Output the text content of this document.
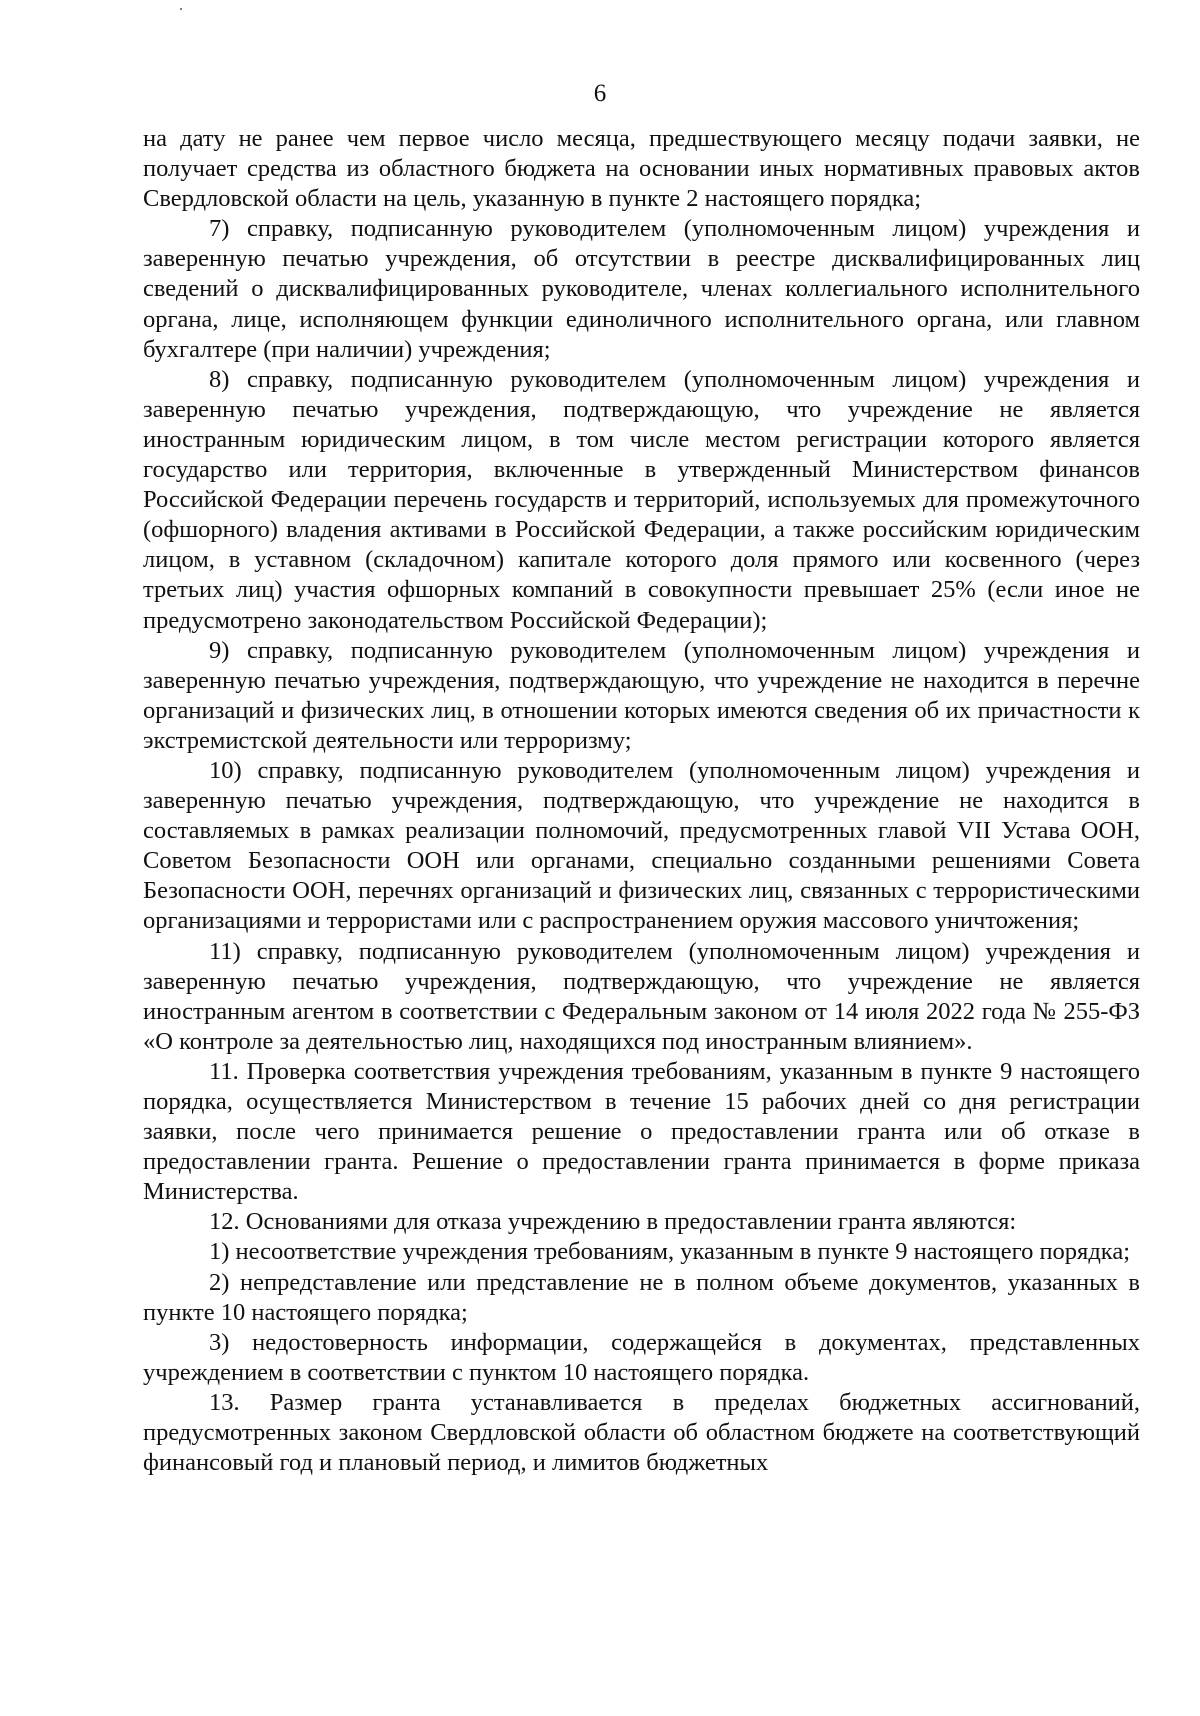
6

на дату не ранее чем первое число месяца, предшествующего месяцу подачи заявки, не получает средства из областного бюджета на основании иных нормативных правовых актов Свердловской области на цель, указанную в пункте 2 настоящего порядка;

7) справку, подписанную руководителем (уполномоченным лицом) учреждения и заверенную печатью учреждения, об отсутствии в реестре дисквалифицированных лиц сведений о дисквалифицированных руководителе, членах коллегиального исполнительного органа, лице, исполняющем функции единоличного исполнительного органа, или главном бухгалтере (при наличии) учреждения;

8) справку, подписанную руководителем (уполномоченным лицом) учреждения и заверенную печатью учреждения, подтверждающую, что учреждение не является иностранным юридическим лицом, в том числе местом регистрации которого является государство или территория, включенные в утвержденный Министерством финансов Российской Федерации перечень государств и территорий, используемых для промежуточного (офшорного) владения активами в Российской Федерации, а также российским юридическим лицом, в уставном (складочном) капитале которого доля прямого или косвенного (через третьих лиц) участия офшорных компаний в совокупности превышает 25% (если иное не предусмотрено законодательством Российской Федерации);

9) справку, подписанную руководителем (уполномоченным лицом) учреждения и заверенную печатью учреждения, подтверждающую, что учреждение не находится в перечне организаций и физических лиц, в отношении которых имеются сведения об их причастности к экстремистской деятельности или терроризму;

10) справку, подписанную руководителем (уполномоченным лицом) учреждения и заверенную печатью учреждения, подтверждающую, что учреждение не находится в составляемых в рамках реализации полномочий, предусмотренных главой VII Устава ООН, Советом Безопасности ООН или органами, специально созданными решениями Совета Безопасности ООН, перечнях организаций и физических лиц, связанных с террористическими организациями и террористами или с распространением оружия массового уничтожения;

11) справку, подписанную руководителем (уполномоченным лицом) учреждения и заверенную печатью учреждения, подтверждающую, что учреждение не является иностранным агентом в соответствии с Федеральным законом от 14 июля 2022 года № 255-ФЗ «О контроле за деятельностью лиц, находящихся под иностранным влиянием».

11. Проверка соответствия учреждения требованиям, указанным в пункте 9 настоящего порядка, осуществляется Министерством в течение 15 рабочих дней со дня регистрации заявки, после чего принимается решение о предоставлении гранта или об отказе в предоставлении гранта. Решение о предоставлении гранта принимается в форме приказа Министерства.

12. Основаниями для отказа учреждению в предоставлении гранта являются:

1) несоответствие учреждения требованиям, указанным в пункте 9 настоящего порядка;

2) непредставление или представление не в полном объеме документов, указанных в пункте 10 настоящего порядка;

3) недостоверность информации, содержащейся в документах, представленных учреждением в соответствии с пунктом 10 настоящего порядка.

13. Размер гранта устанавливается в пределах бюджетных ассигнований, предусмотренных законом Свердловской области об областном бюджете на соответствующий финансовый год и плановый период, и лимитов бюджетных
